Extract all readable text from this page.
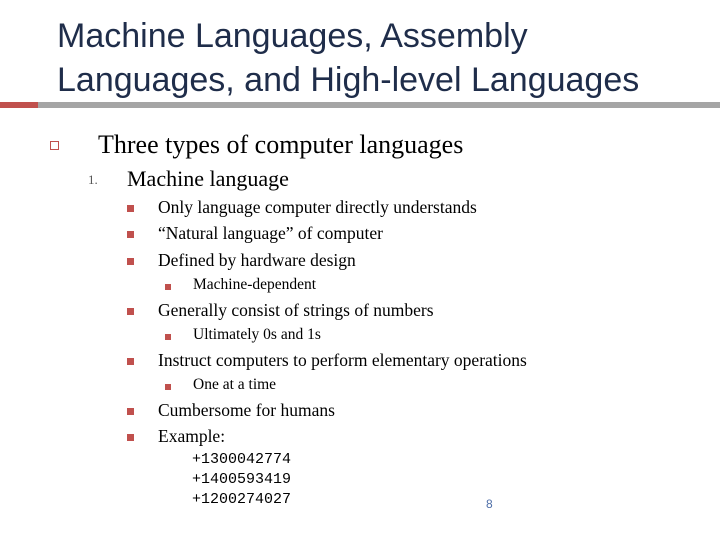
Machine Languages, Assembly Languages, and High-level Languages
Three types of computer languages
1. Machine language
Only language computer directly understands
“Natural language” of computer
Defined by hardware design
Machine-dependent
Generally consist of strings of numbers
Ultimately 0s and 1s
Instruct computers to perform elementary operations
One at a time
Cumbersome for humans
Example:
+1300042774
+1400593419
+1200274027	8
